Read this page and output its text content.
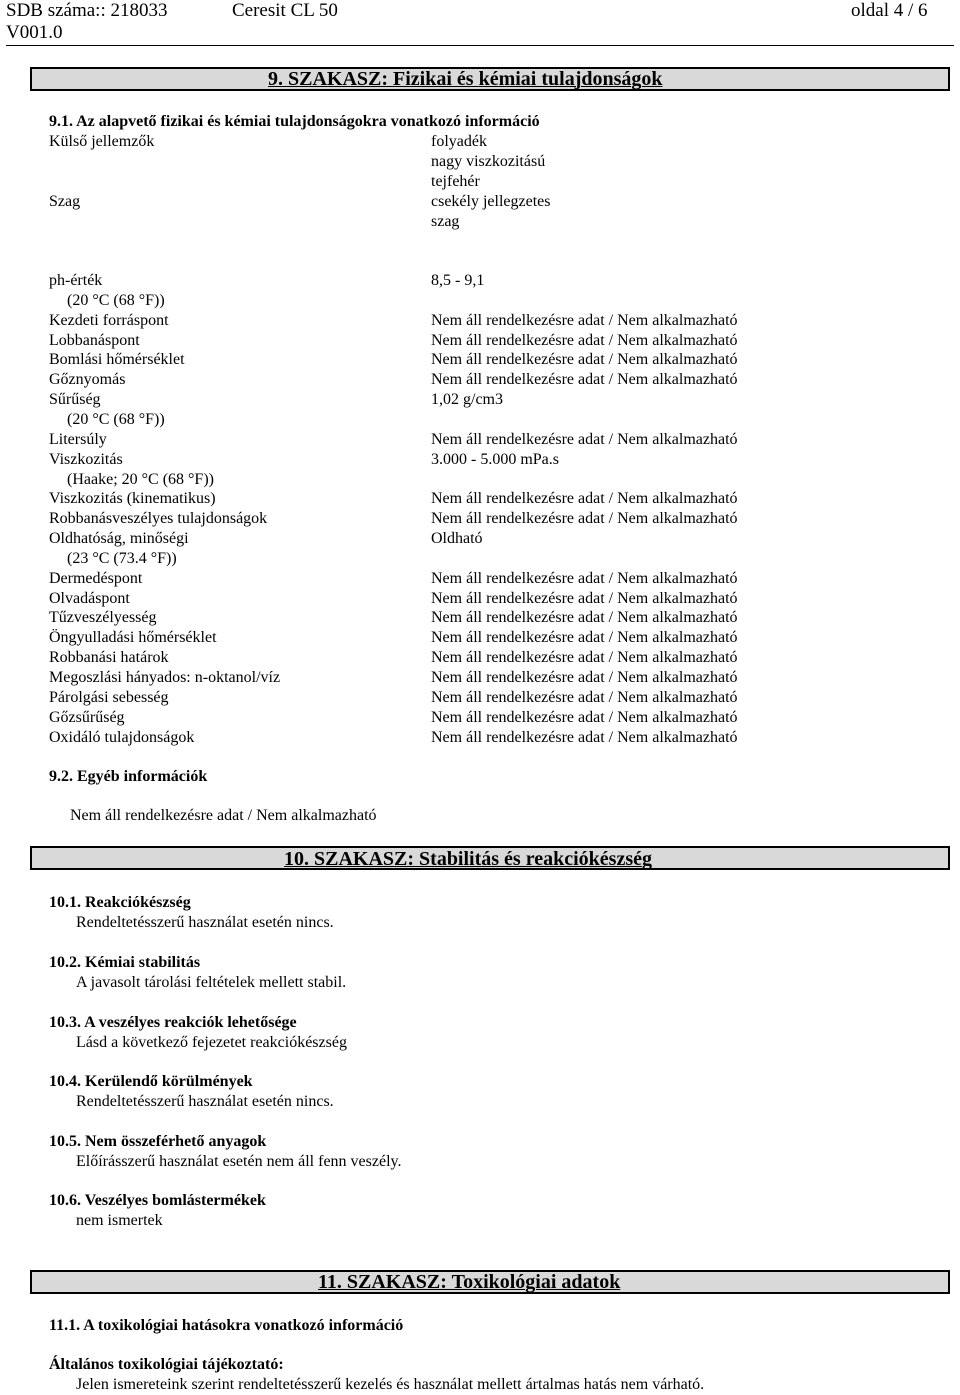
SDB száma:: 218033	Ceresit CL 50	oldal 4 / 6
V001.0
9. SZAKASZ: Fizikai és kémiai tulajdonságok
9.1. Az alapvető fizikai és kémiai tulajdonságokra vonatkozó információ
Külső jellemzők	folyadék
nagy viszkozitású
tejfehér
Szag	csekély jellegzetes
szag
ph-érték	8,5 - 9,1
(20 °C (68 °F))
Kezdeti forráspont	Nem áll rendelkezésre adat / Nem alkalmazható
Lobbanáspont	Nem áll rendelkezésre adat / Nem alkalmazható
Bomlási hőmérséklet	Nem áll rendelkezésre adat / Nem alkalmazható
Gőznyomás	Nem áll rendelkezésre adat / Nem alkalmazható
Sűrűség	1,02 g/cm3
(20 °C (68 °F))
Litersúly	Nem áll rendelkezésre adat / Nem alkalmazható
Viszkozitás	3.000 - 5.000 mPa.s
(Haake; 20 °C (68 °F))
Viszkozitás (kinematikus)	Nem áll rendelkezésre adat / Nem alkalmazható
Robbanásveszélyes tulajdonságok	Nem áll rendelkezésre adat / Nem alkalmazható
Oldhatóság, minőségi	Oldható
(23 °C (73.4 °F))
Dermedéspont	Nem áll rendelkezésre adat / Nem alkalmazható
Olvadáspont	Nem áll rendelkezésre adat / Nem alkalmazható
Tűzveszélyesség	Nem áll rendelkezésre adat / Nem alkalmazható
Öngyulladási hőmérséklet	Nem áll rendelkezésre adat / Nem alkalmazható
Robbanási határok	Nem áll rendelkezésre adat / Nem alkalmazható
Megoszlási hányados: n-oktanol/víz	Nem áll rendelkezésre adat / Nem alkalmazható
Párolgási sebesség	Nem áll rendelkezésre adat / Nem alkalmazható
Gőzsűrűség	Nem áll rendelkezésre adat / Nem alkalmazható
Oxidáló tulajdonságok	Nem áll rendelkezésre adat / Nem alkalmazható
9.2. Egyéb információk
Nem áll rendelkezésre adat / Nem alkalmazható
10. SZAKASZ: Stabilitás és reakciókészség
10.1. Reakciókészség
Rendeltetésszerű használat esetén nincs.
10.2. Kémiai stabilitás
A javasolt tárolási feltételek mellett stabil.
10.3. A veszélyes reakciók lehetősége
Lásd a következő fejezetet reakciókészség
10.4. Kerülendő körülmények
Rendeltetésszerű használat esetén nincs.
10.5. Nem összeférhető anyagok
Előírásszerű használat esetén nem áll fenn veszély.
10.6. Veszélyes bomlástermékek
nem ismertek
11. SZAKASZ: Toxikológiai adatok
11.1. A toxikológiai hatásokra vonatkozó információ
Általános toxikológiai tájékoztató:
Jelen ismereteink szerint rendeltetésszerű kezelés és használat mellett ártalmas hatás nem várható.
